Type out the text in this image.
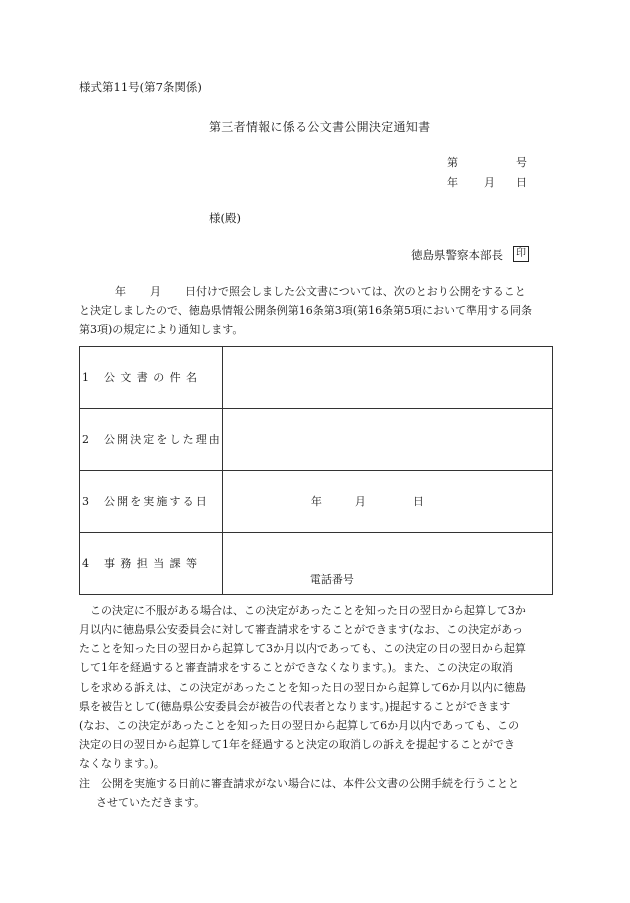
様式第11号(第7条関係)
第三者情報に係る公文書公開決定通知書
第	号
年 月 日
様(殿)
徳島県警察本部長	印
年 月 日付けで照会しました公文書については、次のとおり公開をすること
と決定しましたので、徳島県情報公開条例第16条第3項(第16条第5項において準用する同条
第3項)の規定により通知します。
1 公文書の件名	
2 公開決定をした理由	
3 公開を実施する日	年 月 日

4 事務担当課等	電話番号
この決定に不服がある場合は、この決定があったことを知った日の翌日から起算して3か
月以内に徳島県公安委員会に対して審査請求をすることができます(なお、この決定があっ
たことを知った日の翌日から起算して3か月以内であっても、この決定の日の翌日から起算
して1年を経過すると審査請求をすることができなくなります。)。また、この決定の取消
しを求める訴えは、この決定があったことを知った日の翌日から起算して6か月以内に徳島
県を被告として(徳島県公安委員会が被告の代表者となります。)提起することができます
(なお、この決定があったことを知った日の翌日から起算して6か月以内であっても、この
決定の日の翌日から起算して1年を経過すると決定の取消しの訴えを提起することができ
なくなります。)。
注　公開を実施する日前に審査請求がない場合には、本件公文書の公開手続を行うことと
させていただきます。
